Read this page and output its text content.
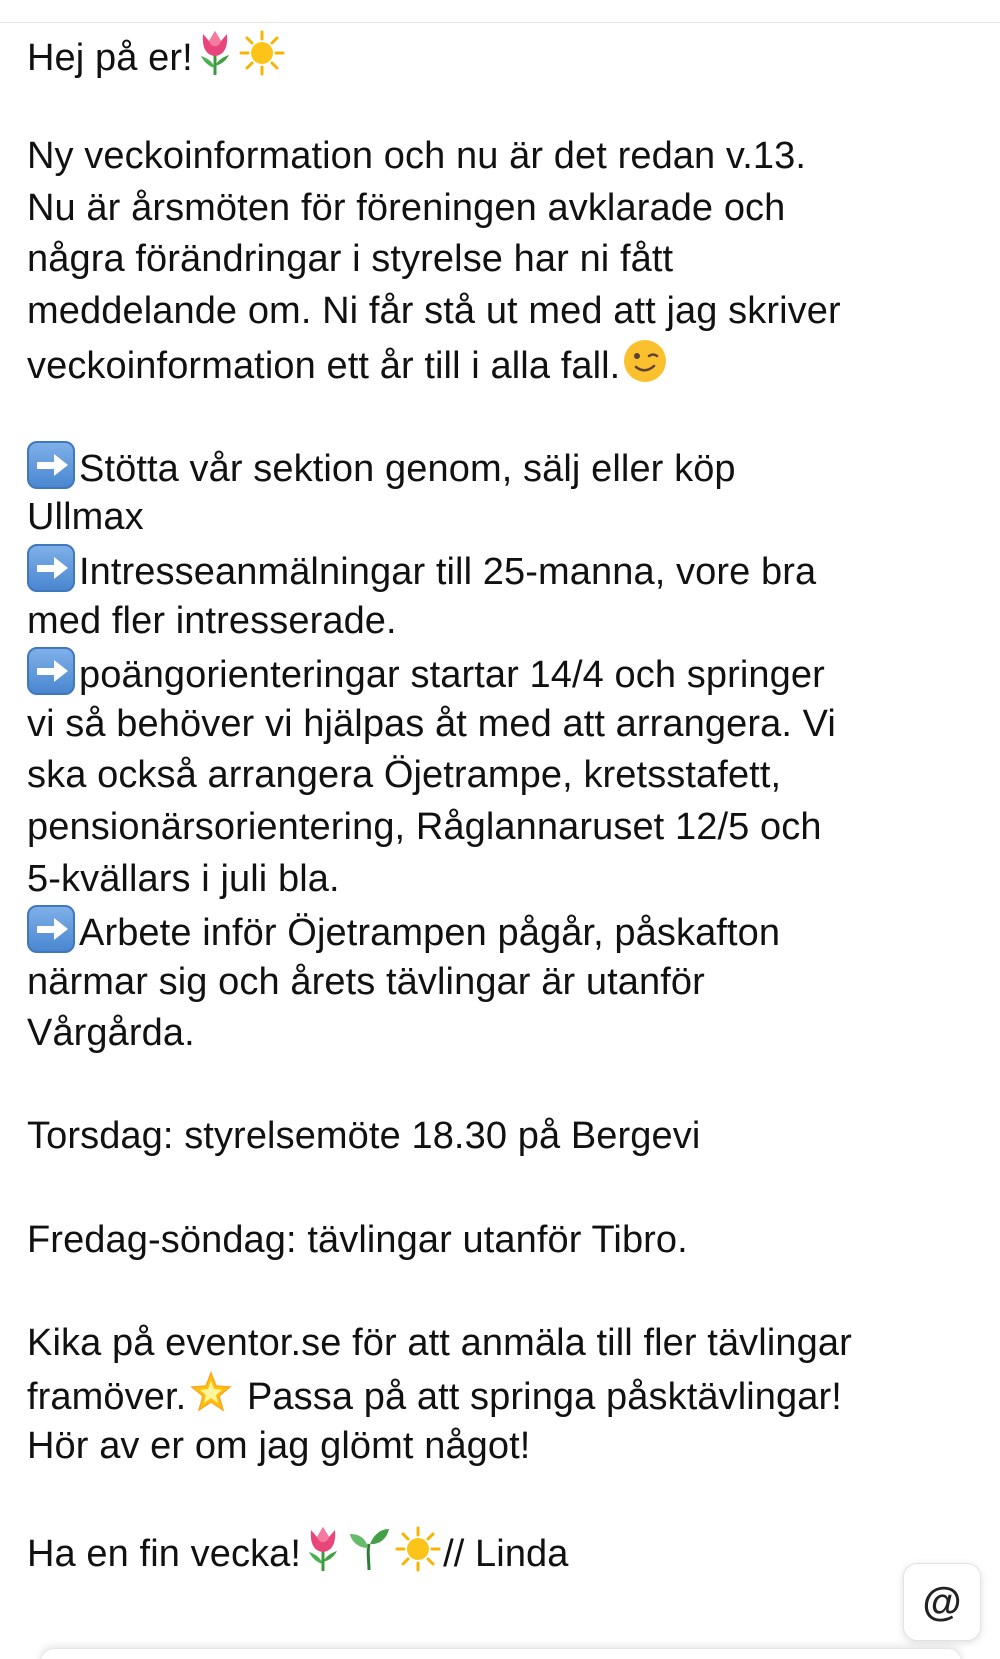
Hej på er!
Ny veckoinformation och nu är det redan v.13.
Nu är årsmöten för föreningen avklarade och
några förändringar i styrelse har ni fått
meddelande om. Ni får stå ut med att jag skriver
veckoinformation ett år till i alla fall.
Stötta vår sektion genom, sälj eller köp
Ullmax
Intresseanmälningar till 25-manna, vore bra
med fler intresserade.
poängorienteringar startar 14/4 och springer
vi så behöver vi hjälpas åt med att arrangera. Vi
ska också arrangera Öjetrampe, kretsstafett,
pensionärsorientering, Råglannaruset 12/5 och
5-kvällars i juli bla.
Arbete inför Öjetrampen pågår, påskafton
närmar sig och årets tävlingar är utanför
Vårgårda.
Torsdag: styrelsemöte 18.30 på Bergevi
Fredag-söndag: tävlingar utanför Tibro.
Kika på eventor.se för att anmäla till fler tävlingar
framöver. Passa på att springa påsktävlingar!
Hör av er om jag glömt något!
Ha en fin vecka!	// Linda
@
